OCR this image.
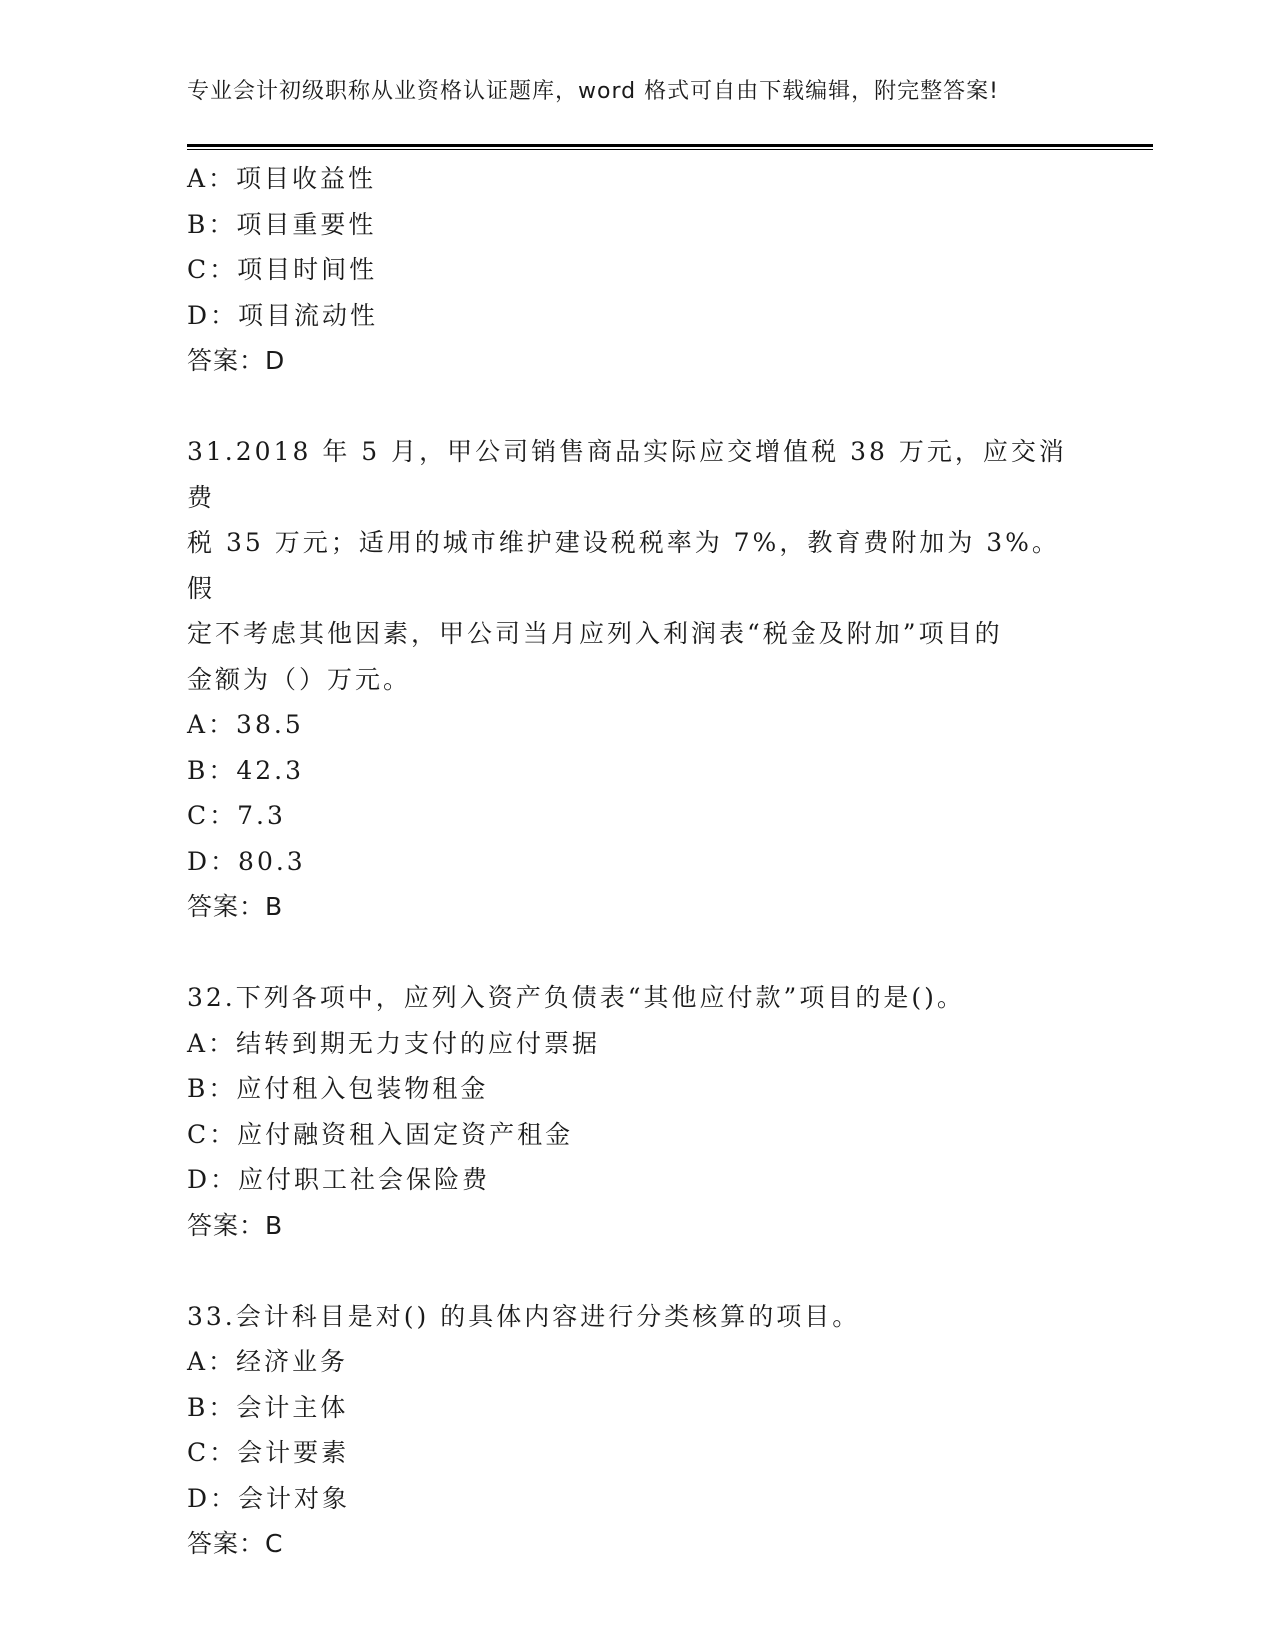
专业会计初级职称从业资格认证题库，word 格式可自由下载编辑，附完整答案!
A：项目收益性
B：项目重要性
C：项目时间性
D：项目流动性
答案：D
31.2018 年 5 月，甲公司销售商品实际应交增值税 38 万元，应交消费
税 35 万元；适用的城市维护建设税税率为 7%，教育费附加为 3%。假
定不考虑其他因素，甲公司当月应列入利润表“税金及附加”项目的
金额为（）万元。
A：38.5
B：42.3
C：7.3
D：80.3
答案：B
32.下列各项中，应列入资产负债表“其他应付款”项目的是()。
A：结转到期无力支付的应付票据
B：应付租入包装物租金
C：应付融资租入固定资产租金
D：应付职工社会保险费
答案：B
33.会计科目是对() 的具体内容进行分类核算的项目。
A：经济业务
B：会计主体
C：会计要素
D：会计对象
答案：C
